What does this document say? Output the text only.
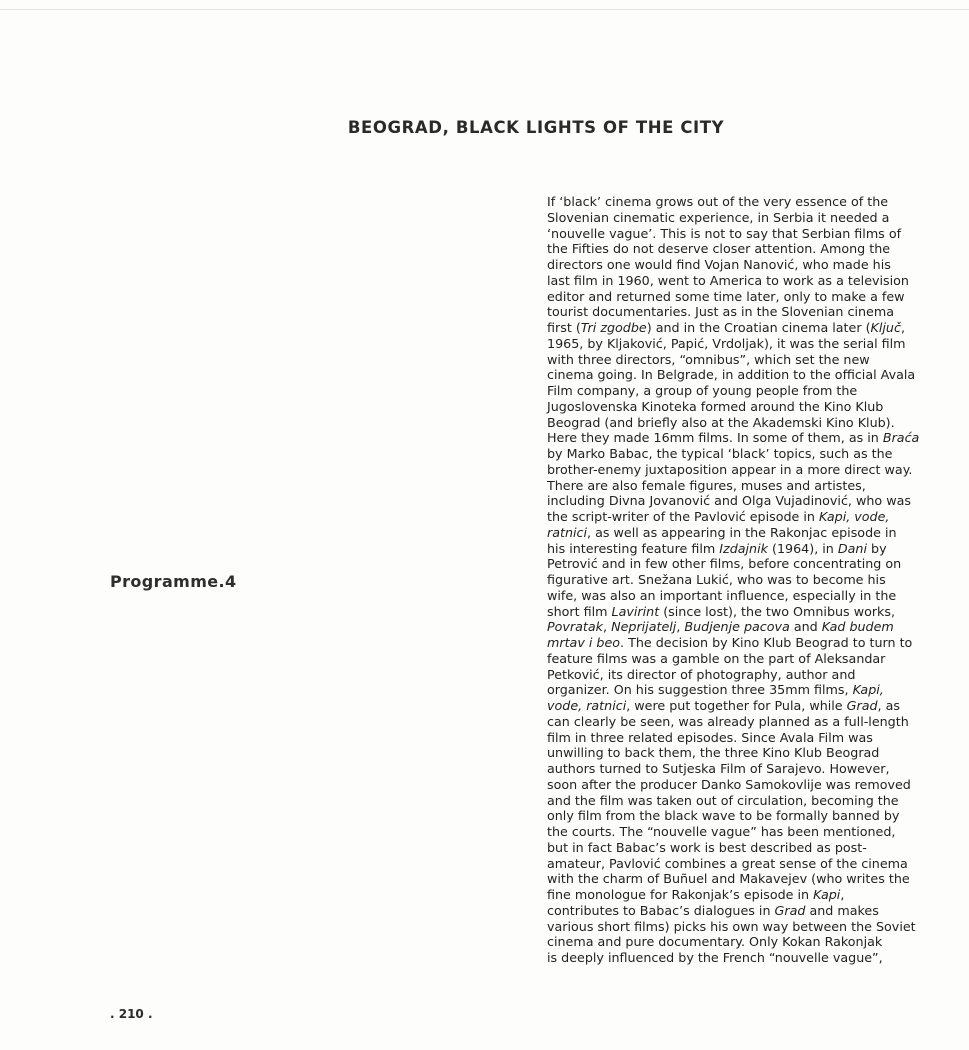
BEOGRAD, BLACK LIGHTS OF THE CITY
Programme.4
If ‘black’ cinema grows out of the very essence of the
Slovenian cinematic experience, in Serbia it needed a
‘nouvelle vague’. This is not to say that Serbian films of
the Fifties do not deserve closer attention. Among the
directors one would find Vojan Nanović, who made his
last film in 1960, went to America to work as a television
editor and returned some time later, only to make a few
tourist documentaries. Just as in the Slovenian cinema
first (Tri zgodbe) and in the Croatian cinema later (Ključ,
1965, by Kljaković, Papić, Vrdoljak), it was the serial film
with three directors, “omnibus”, which set the new
cinema going. In Belgrade, in addition to the official Avala
Film company, a group of young people from the
Jugoslovenska Kinoteka formed around the Kino Klub
Beograd (and briefly also at the Akademski Kino Klub).
Here they made 16mm films. In some of them, as in Braća
by Marko Babac, the typical ‘black’ topics, such as the
brother-enemy juxtaposition appear in a more direct way.
There are also female figures, muses and artistes,
including Divna Jovanović and Olga Vujadinović, who was
the script-writer of the Pavlović episode in Kapi, vode,
ratnici, as well as appearing in the Rakonjac episode in
his interesting feature film Izdajnik (1964), in Dani by
Petrović and in few other films, before concentrating on
figurative art. Snežana Lukić, who was to become his
wife, was also an important influence, especially in the
short film Lavirint (since lost), the two Omnibus works,
Povratak, Neprijatelj, Budjenje pacova and Kad budem
mrtav i beo. The decision by Kino Klub Beograd to turn to
feature films was a gamble on the part of Aleksandar
Petković, its director of photography, author and
organizer. On his suggestion three 35mm films, Kapi,
vode, ratnici, were put together for Pula, while Grad, as
can clearly be seen, was already planned as a full-length
film in three related episodes. Since Avala Film was
unwilling to back them, the three Kino Klub Beograd
authors turned to Sutjeska Film of Sarajevo. However,
soon after the producer Danko Samokovlije was removed
and the film was taken out of circulation, becoming the
only film from the black wave to be formally banned by
the courts. The “nouvelle vague” has been mentioned,
but in fact Babac’s work is best described as post-
amateur, Pavlović combines a great sense of the cinema
with the charm of Buñuel and Makavejev (who writes the
fine monologue for Rakonjak’s episode in Kapi,
contributes to Babac’s dialogues in Grad and makes
various short films) picks his own way between the Soviet
cinema and pure documentary. Only Kokan Rakonjak
is deeply influenced by the French “nouvelle vague”,
. 210 .
